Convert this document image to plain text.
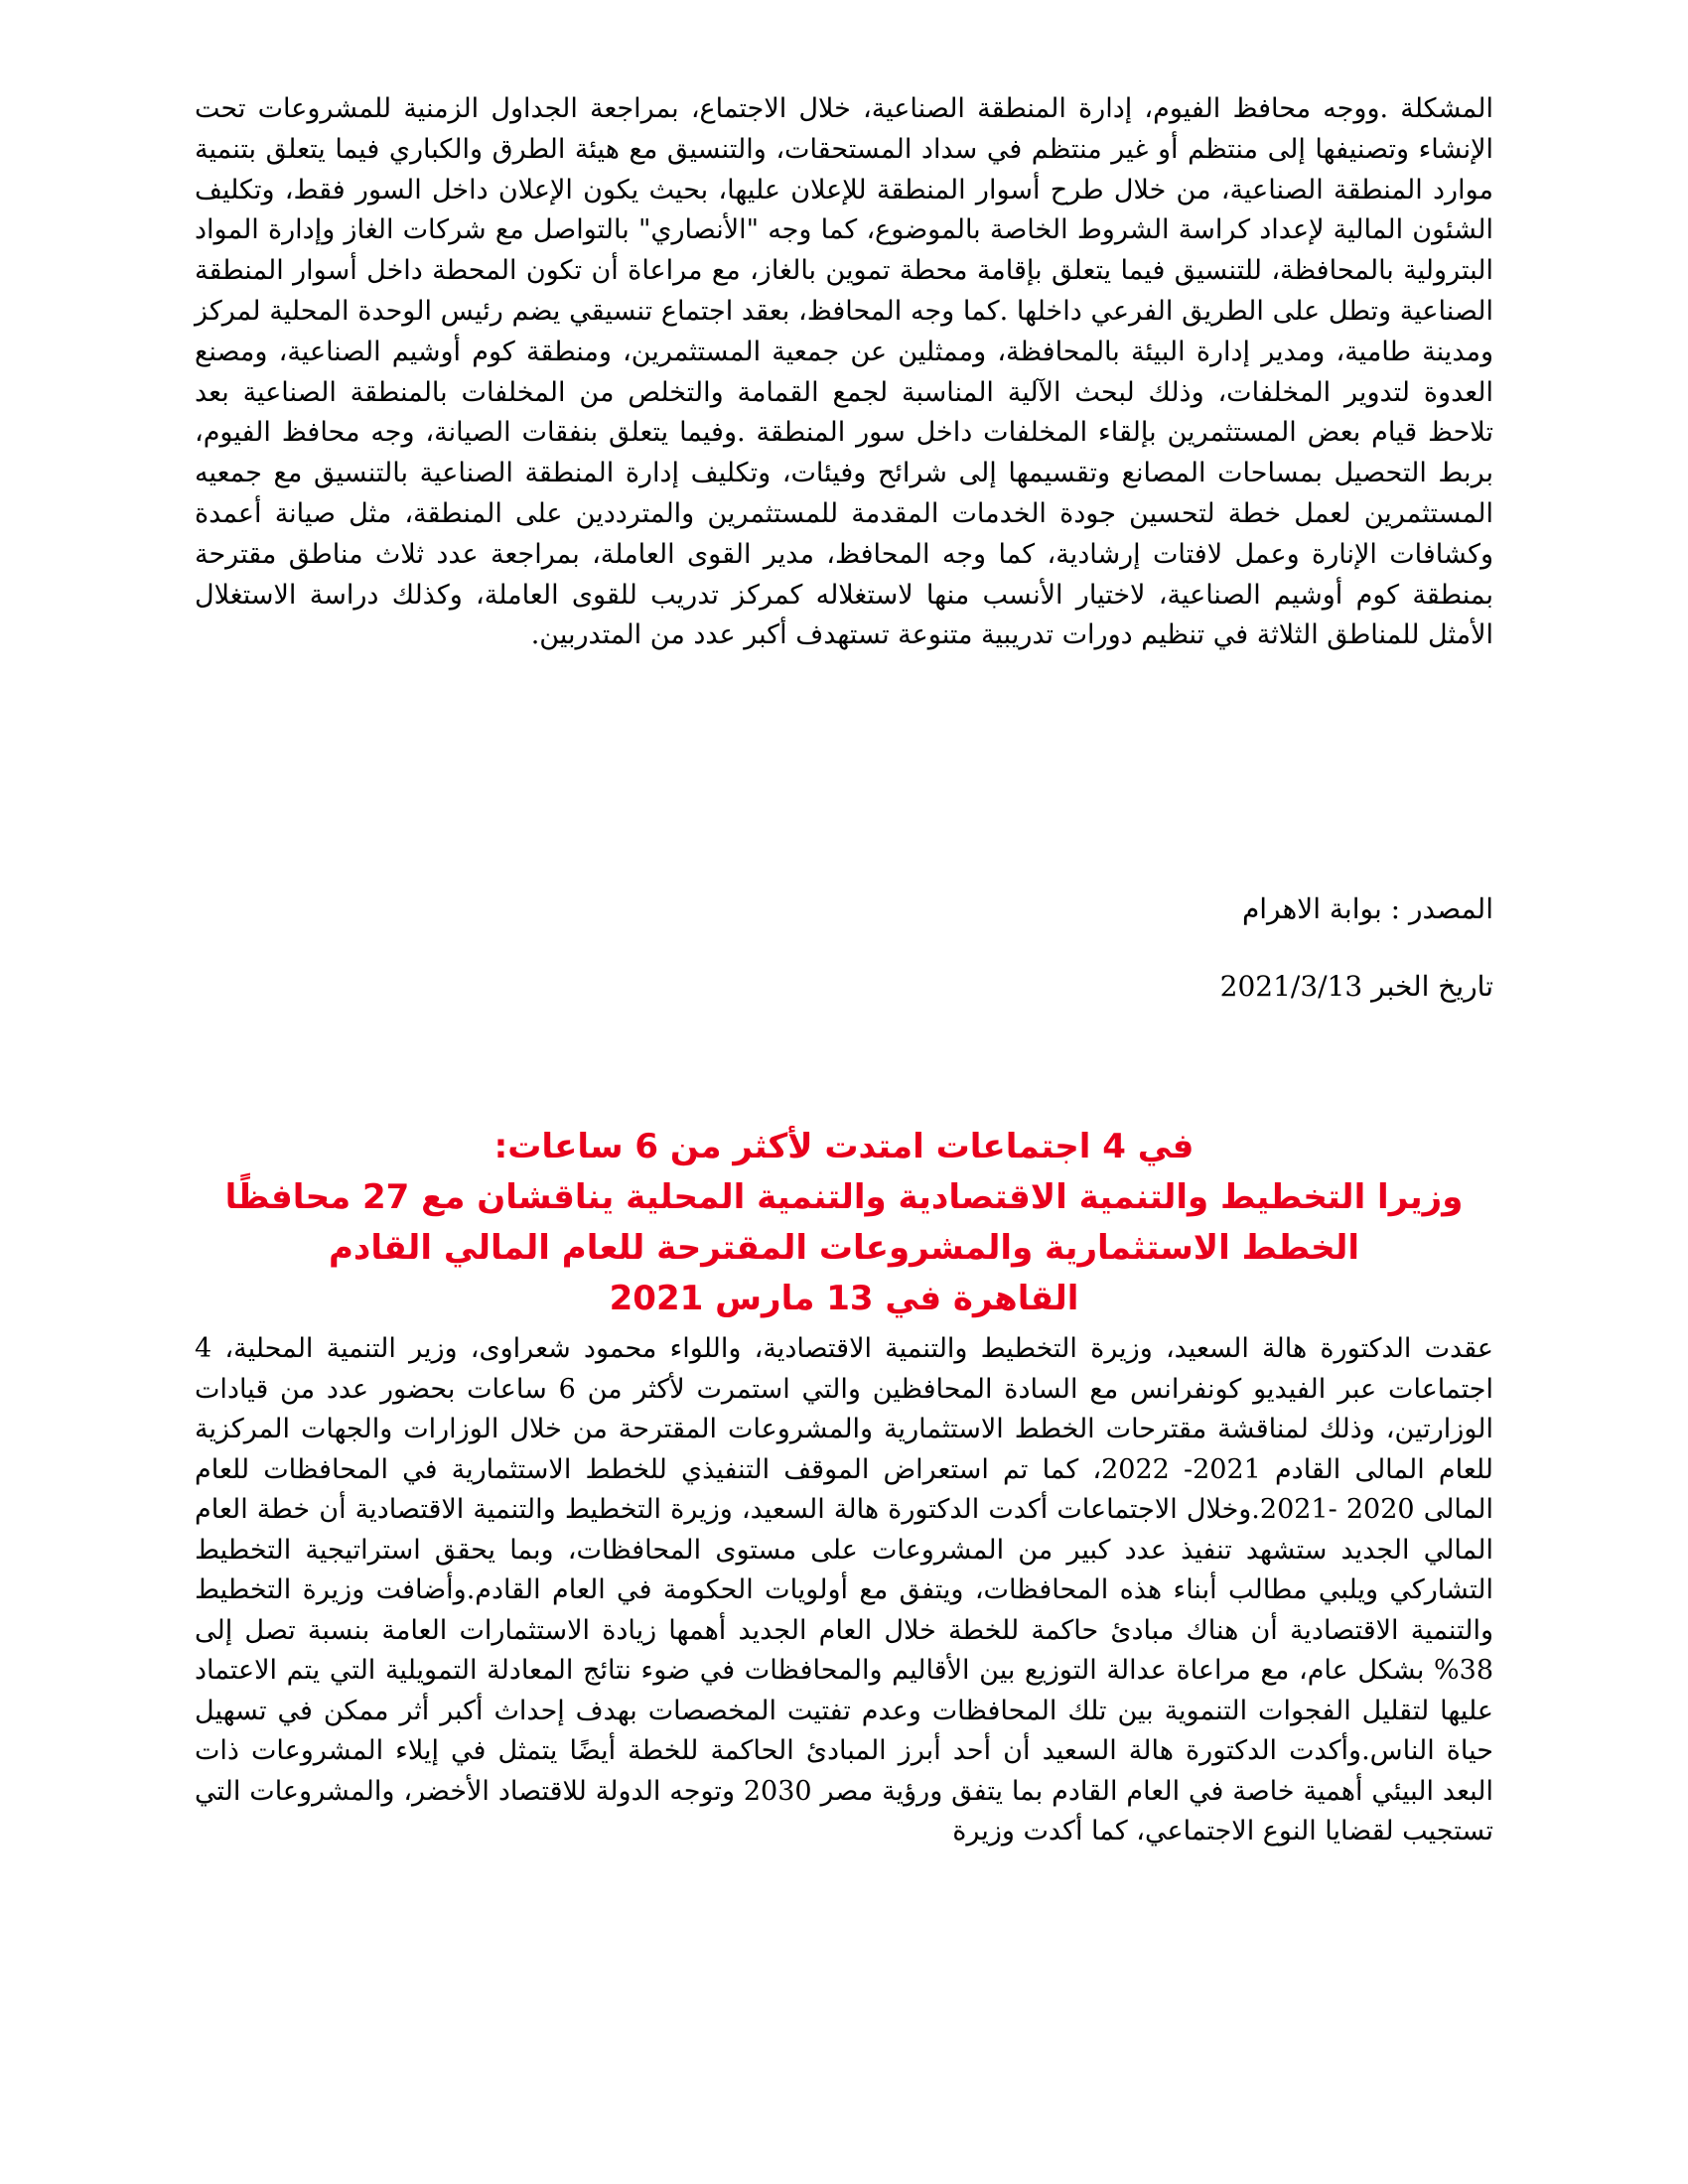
المشكلة .ووجه محافظ الفيوم، إدارة المنطقة الصناعية، خلال الاجتماع، بمراجعة الجداول الزمنية للمشروعات تحت الإنشاء وتصنيفها إلى منتظم أو غير منتظم في سداد المستحقات، والتنسيق مع هيئة الطرق والكباري فيما يتعلق بتنمية موارد المنطقة الصناعية، من خلال طرح أسوار المنطقة للإعلان عليها، بحيث يكون الإعلان داخل السور فقط، وتكليف الشئون المالية لإعداد كراسة الشروط الخاصة بالموضوع، كما وجه "الأنصاري" بالتواصل مع شركات الغاز وإدارة المواد البترولية بالمحافظة، للتنسيق فيما يتعلق بإقامة محطة تموين بالغاز، مع مراعاة أن تكون المحطة داخل أسوار المنطقة الصناعية وتطل على الطريق الفرعي داخلها .كما وجه المحافظ، بعقد اجتماع تنسيقي يضم رئيس الوحدة المحلية لمركز ومدينة طامية، ومدير إدارة البيئة بالمحافظة، وممثلين عن جمعية المستثمرين، ومنطقة كوم أوشيم الصناعية، ومصنع العدوة لتدوير المخلفات، وذلك لبحث الآلية المناسبة لجمع القمامة والتخلص من المخلفات بالمنطقة الصناعية بعد تلاحظ قيام بعض المستثمرين بإلقاء المخلفات داخل سور المنطقة .وفيما يتعلق بنفقات الصيانة، وجه محافظ الفيوم، بربط التحصيل بمساحات المصانع وتقسيمها إلى شرائح وفيئات، وتكليف إدارة المنطقة الصناعية بالتنسيق مع جمعيه المستثمرين لعمل خطة لتحسين جودة الخدمات المقدمة للمستثمرين والمترددين على المنطقة، مثل صيانة أعمدة وكشافات الإنارة وعمل لافتات إرشادية، كما وجه المحافظ، مدير القوى العاملة، بمراجعة عدد ثلاث مناطق مقترحة بمنطقة كوم أوشيم الصناعية، لاختيار الأنسب منها لاستغلاله كمركز تدريب للقوى العاملة، وكذلك دراسة الاستغلال الأمثل للمناطق الثلاثة في تنظيم دورات تدريبية متنوعة تستهدف أكبر عدد من المتدربين.

المصدر : بوابة الاهرام

تاريخ الخبر 2021/3/13

في 4 اجتماعات امتدت لأكثر من 6 ساعات:
وزيرا التخطيط والتنمية الاقتصادية والتنمية المحلية يناقشان مع 27 محافظًا
الخطط الاستثمارية والمشروعات المقترحة للعام المالي القادم
القاهرة في 13 مارس 2021

عقدت الدكتورة هالة السعيد، وزيرة التخطيط والتنمية الاقتصادية، واللواء محمود شعراوى، وزير التنمية المحلية، 4 اجتماعات عبر الفيديو كونفرانس مع السادة المحافظين والتي استمرت لأكثر من 6 ساعات بحضور عدد من قيادات الوزارتين، وذلك لمناقشة مقترحات الخطط الاستثمارية والمشروعات المقترحة من خلال الوزارات والجهات المركزية للعام المالى القادم 2021- 2022، كما تم استعراض الموقف التنفيذي للخطط الاستثمارية في المحافظات للعام المالى 2020 -2021.وخلال الاجتماعات أكدت الدكتورة هالة السعيد، وزيرة التخطيط والتنمية الاقتصادية أن خطة العام المالي الجديد ستشهد تنفيذ عدد كبير من المشروعات على مستوى المحافظات، وبما يحقق استراتيجية التخطيط التشاركي ويلبي مطالب أبناء هذه المحافظات، ويتفق مع أولويات الحكومة في العام القادم.وأضافت وزيرة التخطيط والتنمية الاقتصادية أن هناك مبادئ حاكمة للخطة خلال العام الجديد أهمها زيادة الاستثمارات العامة بنسبة تصل إلى 38% بشكل عام، مع مراعاة عدالة التوزيع بين الأقاليم والمحافظات في ضوء نتائج المعادلة التمويلية التي يتم الاعتماد عليها لتقليل الفجوات التنموية بين تلك المحافظات وعدم تفتيت المخصصات بهدف إحداث أكبر أثر ممكن في تسهيل حياة الناس.وأكدت الدكتورة هالة السعيد أن أحد أبرز المبادئ الحاكمة للخطة أيضًا يتمثل في إيلاء المشروعات ذات البعد البيئي أهمية خاصة في العام القادم بما يتفق ورؤية مصر 2030 وتوجه الدولة للاقتصاد الأخضر، والمشروعات التي تستجيب لقضايا النوع الاجتماعي، كما أكدت وزيرة
